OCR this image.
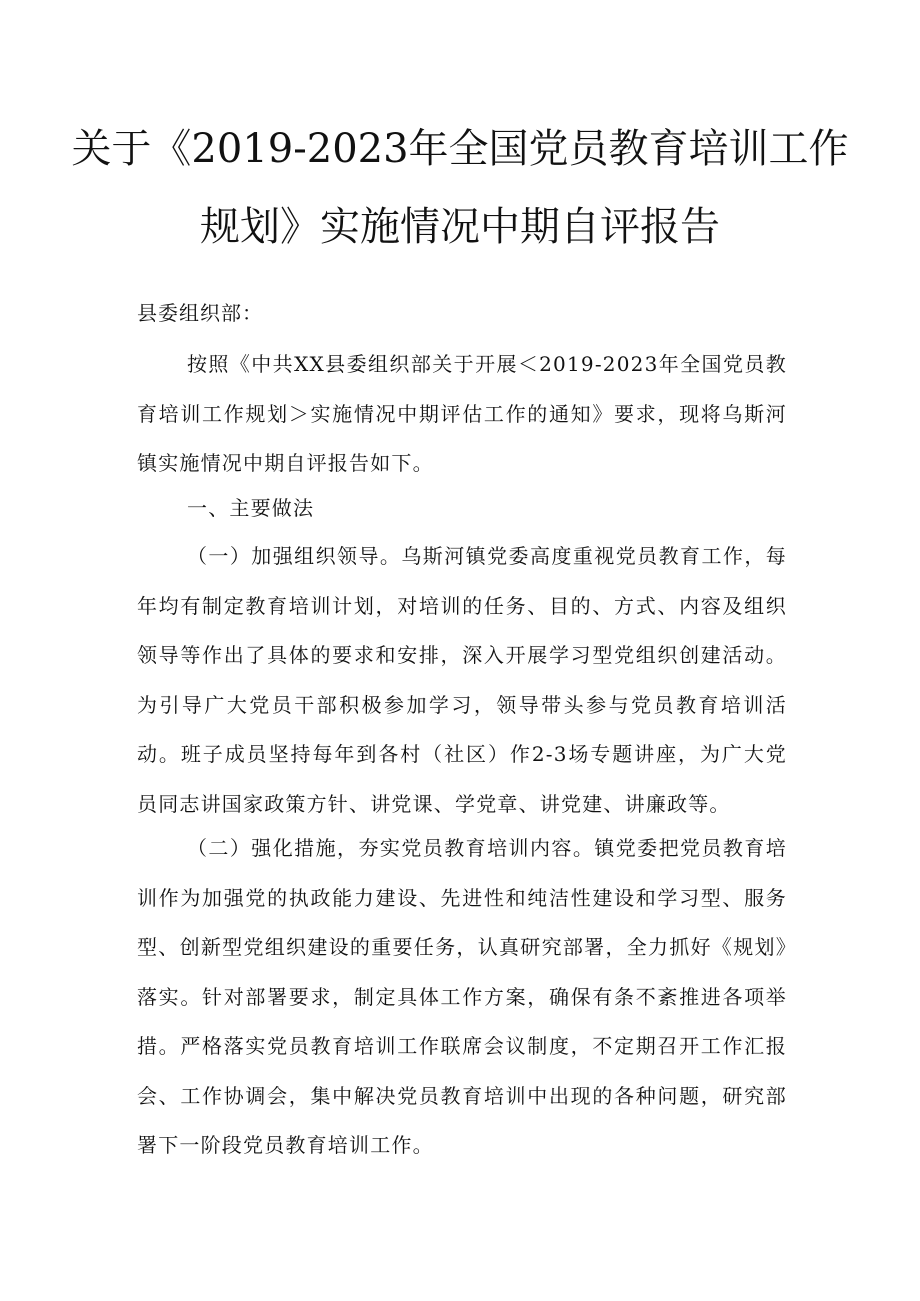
关于《2019-2023年全国党员教育培训工作
规划》实施情况中期自评报告
县委组织部：

按照《中共XX县委组织部关于开展＜2019-2023年全国党员教育培训工作规划＞实施情况中期评估工作的通知》要求，现将乌斯河镇实施情况中期自评报告如下。

一、主要做法

（一）加强组织领导。乌斯河镇党委高度重视党员教育工作，每年均有制定教育培训计划，对培训的任务、目的、方式、内容及组织领导等作出了具体的要求和安排，深入开展学习型党组织创建活动。为引导广大党员干部积极参加学习，领导带头参与党员教育培训活动。班子成员坚持每年到各村（社区）作2-3场专题讲座，为广大党员同志讲国家政策方针、讲党课、学党章、讲党建、讲廉政等。

（二）强化措施，夯实党员教育培训内容。镇党委把党员教育培训作为加强党的执政能力建设、先进性和纯洁性建设和学习型、服务型、创新型党组织建设的重要任务，认真研究部署，全力抓好《规划》落实。针对部署要求，制定具体工作方案，确保有条不紊推进各项举措。严格落实党员教育培训工作联席会议制度，不定期召开工作汇报会、工作协调会，集中解决党员教育培训中出现的各种问题，研究部署下一阶段党员教育培训工作。
